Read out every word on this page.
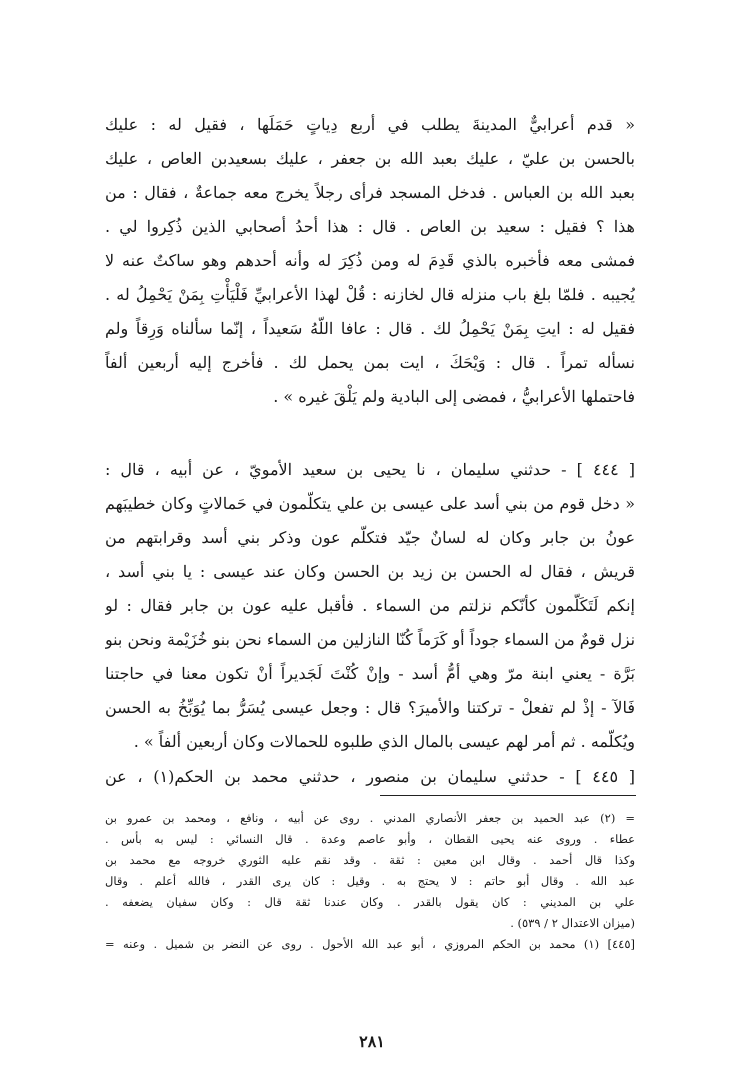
« قدم أعرابيٌّ المدينةَ يطلب في أربع دِياتٍ حَمَلَها ، فقيل له : عليك
بالحسن بن عليّ ، عليك بعبد الله بن جعفر ، عليك بسعيدبن العاص ، عليك
بعبد الله بن العباس . فدخل المسجد فرأى رجلاً يخرج معه جماعةٌ ، فقال : من
هذا ؟ فقيل : سعيد بن العاص . قال : هذا أحدُ أصحابي الذين ذُكِروا لي .
فمشى معه فأخبره بالذي قَدِمَ له ومن ذُكِرَ له وأنه أحدهم وهو ساكتٌ عنه لا
يُجيبه . فلمّا بلغ باب منزله قال لخازنه : قُلْ لهذا الأعرابيِّ فَلْيَأْتِ بِمَنْ يَحْمِلُ له .
فقيل له : ايتِ بِمَنْ يَحْمِلُ لك . قال : عافا اللّهُ سَعيداً ، إنّما سألناه وَرِقاً ولم
نسأله تمراً . قال : وَيْحَكَ ، ايت بمن يحمل لك . فأخرج إليه أربعين ألفاً
فاحتملها الأعرابيُّ ، فمضى إلى البادية ولم يَلْقَ غيره » .
[ ٤٤٤ ] - حدثني سليمان ، نا يحيى بن سعيد الأمويّ ، عن أبيه ، قال :
« دخل قوم من بني أسد على عيسى بن علي يتكلّمون في حَمالاتٍ وكان خطيبَهم
عونُ بن جابر وكان له لسانٌ جيّد فتكلّم عون وذكر بني أسد وقرابتهم من
قريش ، فقال له الحسن بن زيد بن الحسن وكان عند عيسى : يا بني أسد ،
إنكم لَتَكَلّمون كأنّكم نزلتم من السماء . فأقبل عليه عون بن جابر فقال : لو
نزل قومٌ من السماء جوداً أو كَرَماً كُنّا النازلين من السماء نحن بنو خُزَيْمة ونحن بنو
بَرَّة - يعني ابنة مرّ وهي أمُّ أسد - وإنْ كُنْتَ لَجَديراً أنْ تكون معنا في حاجتنا
فَالآ - إذْ لم تفعلْ - تركتنا والأميرَ؟ قال : وجعل عيسى يُسَرُّ بما يُوَبِّخُ به الحسن
ويُكلّمه . ثم أمر لهم عيسى بالمال الذي طلبوه للحمالات وكان أربعين ألفاً » .
[ ٤٤٥ ] - حدثني سليمان بن منصور ، حدثني محمد بن الحكم(١) ، عن
= (٢) عبد الحميد بن جعفر الأنصاري المدني . روى عن أبيه ، ونافع ، ومحمد بن عمرو بن
عطاء . وروى عنه يحيى القطان ، وأبو عاصم وعدة . قال النسائي : ليس به بأس .
وكذا قال أحمد . وقال ابن معين : ثقة . وقد نقم عليه الثوري خروجه مع محمد بن
عبد الله . وقال أبو حاتم : لا يحتج به . وقيل : كان يرى القدر ، فالله أعلم . وقال
علي بن المديني : كان يقول بالقدر . وكان عندنا ثقة قال : وكان سفيان يضعفه .
(ميزان الاعتدال ٢ / ٥٣٩) .
[٤٤٥] (١) محمد بن الحكم المروزي ، أبو عبد الله الأحول . روى عن النضر بن شميل . وعنه =
٢٨١
